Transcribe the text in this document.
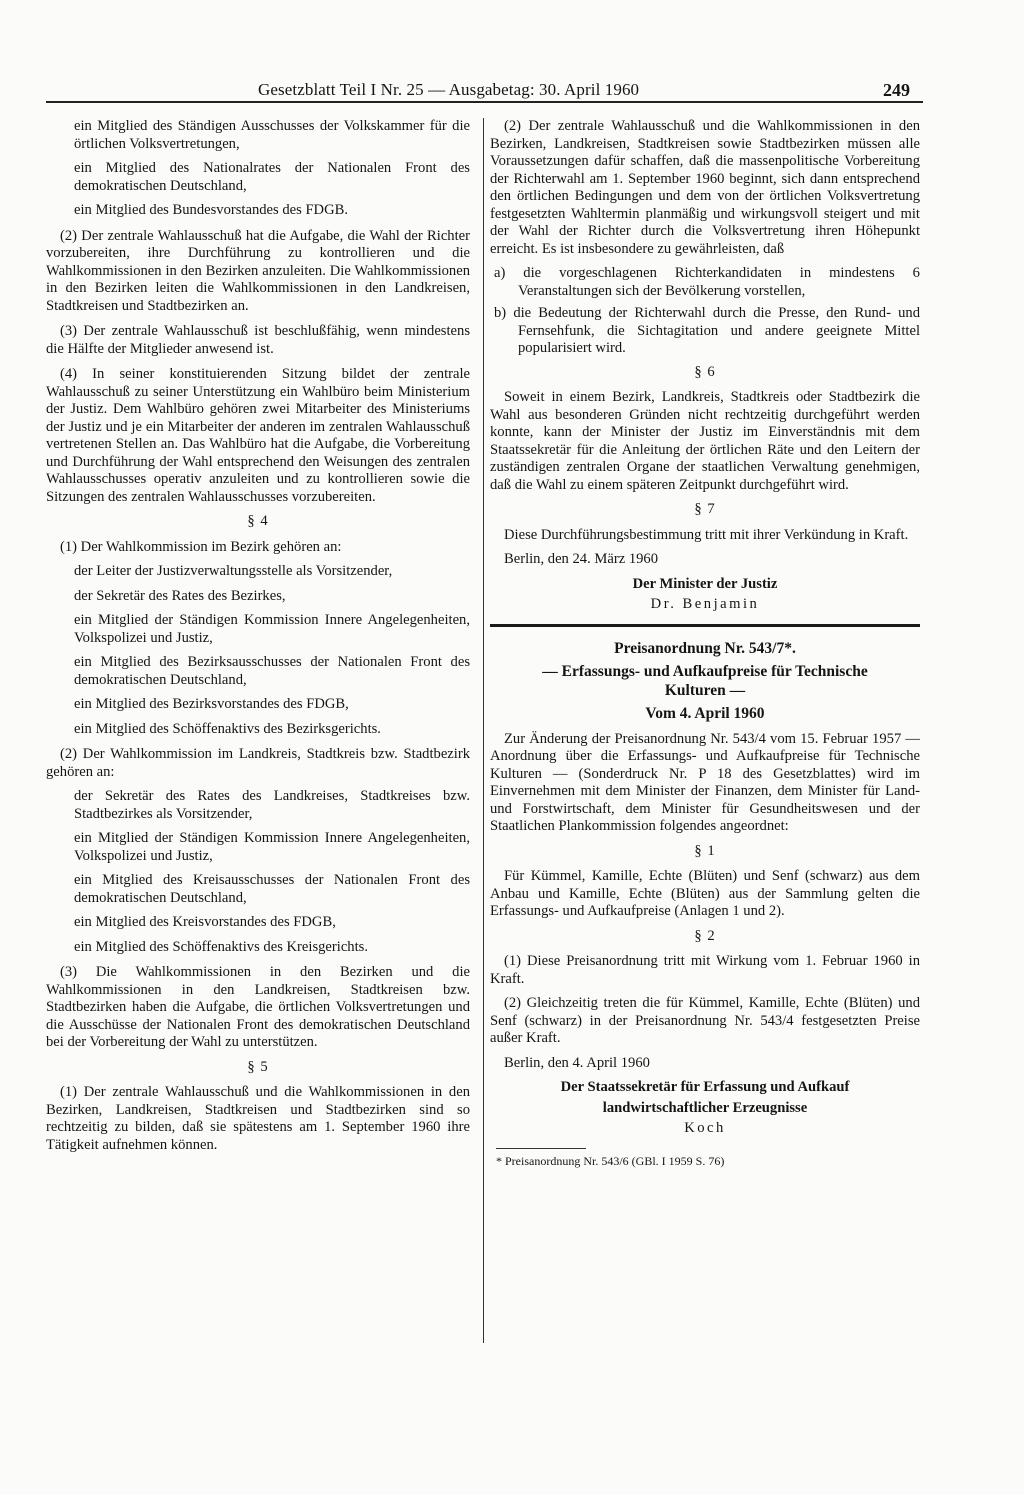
Gesetzblatt Teil I Nr. 25 — Ausgabetag: 30. April 1960	249

ein Mitglied des Ständigen Ausschusses der Volkskammer für die örtlichen Volksvertretungen,

ein Mitglied des Nationalrates der Nationalen Front des demokratischen Deutschland,

ein Mitglied des Bundesvorstandes des FDGB.

(2) Der zentrale Wahlausschuß hat die Aufgabe, die Wahl der Richter vorzubereiten, ihre Durchführung zu kontrollieren und die Wahlkommissionen in den Bezirken anzuleiten. Die Wahlkommissionen in den Bezirken leiten die Wahlkommissionen in den Landkreisen, Stadtkreisen und Stadtbezirken an.

(3) Der zentrale Wahlausschuß ist beschlußfähig, wenn mindestens die Hälfte der Mitglieder anwesend ist.

(4) In seiner konstituierenden Sitzung bildet der zentrale Wahlausschuß zu seiner Unterstützung ein Wahlbüro beim Ministerium der Justiz. Dem Wahlbüro gehören zwei Mitarbeiter des Ministeriums der Justiz und je ein Mitarbeiter der anderen im zentralen Wahlausschuß vertretenen Stellen an. Das Wahlbüro hat die Aufgabe, die Vorbereitung und Durchführung der Wahl entsprechend den Weisungen des zentralen Wahlausschusses operativ anzuleiten und zu kontrollieren sowie die Sitzungen des zentralen Wahlausschusses vorzubereiten.

§ 4

(1) Der Wahlkommission im Bezirk gehören an:

der Leiter der Justizverwaltungsstelle als Vorsitzender,

der Sekretär des Rates des Bezirkes,

ein Mitglied der Ständigen Kommission Innere Angelegenheiten, Volkspolizei und Justiz,

ein Mitglied des Bezirksausschusses der Nationalen Front des demokratischen Deutschland,

ein Mitglied des Bezirksvorstandes des FDGB,

ein Mitglied des Schöffenaktivs des Bezirksgerichts.

(2) Der Wahlkommission im Landkreis, Stadtkreis bzw. Stadtbezirk gehören an:

der Sekretär des Rates des Landkreises, Stadtkreises bzw. Stadtbezirkes als Vorsitzender,

ein Mitglied der Ständigen Kommission Innere Angelegenheiten, Volkspolizei und Justiz,

ein Mitglied des Kreisausschusses der Nationalen Front des demokratischen Deutschland,

ein Mitglied des Kreisvorstandes des FDGB,

ein Mitglied des Schöffenaktivs des Kreisgerichts.

(3) Die Wahlkommissionen in den Bezirken und die Wahlkommissionen in den Landkreisen, Stadtkreisen bzw. Stadtbezirken haben die Aufgabe, die örtlichen Volksvertretungen und die Ausschüsse der Nationalen Front des demokratischen Deutschland bei der Vorbereitung der Wahl zu unterstützen.

§ 5

(1) Der zentrale Wahlausschuß und die Wahlkommissionen in den Bezirken, Landkreisen, Stadtkreisen und Stadtbezirken sind so rechtzeitig zu bilden, daß sie spätestens am 1. September 1960 ihre Tätigkeit aufnehmen können.

(2) Der zentrale Wahlausschuß und die Wahlkommissionen in den Bezirken, Landkreisen, Stadtkreisen sowie Stadtbezirken müssen alle Voraussetzungen dafür schaffen, daß die massenpolitische Vorbereitung der Richterwahl am 1. September 1960 beginnt, sich dann entsprechend den örtlichen Bedingungen und dem von der örtlichen Volksvertretung festgesetzten Wahltermin planmäßig und wirkungsvoll steigert und mit der Wahl der Richter durch die Volksvertretung ihren Höhepunkt erreicht. Es ist insbesondere zu gewährleisten, daß

a) die vorgeschlagenen Richterkandidaten in mindestens 6 Veranstaltungen sich der Bevölkerung vorstellen,

b) die Bedeutung der Richterwahl durch die Presse, den Rund- und Fernsehfunk, die Sichtagitation und andere geeignete Mittel popularisiert wird.

§ 6

Soweit in einem Bezirk, Landkreis, Stadtkreis oder Stadtbezirk die Wahl aus besonderen Gründen nicht rechtzeitig durchgeführt werden konnte, kann der Minister der Justiz im Einverständnis mit dem Staatssekretär für die Anleitung der örtlichen Räte und den Leitern der zuständigen zentralen Organe der staatlichen Verwaltung genehmigen, daß die Wahl zu einem späteren Zeitpunkt durchgeführt wird.

§ 7

Diese Durchführungsbestimmung tritt mit ihrer Verkündung in Kraft.

Berlin, den 24. März 1960

Der Minister der Justiz
Dr. Benjamin
Preisanordnung Nr. 543/7*.
— Erfassungs- und Aufkaufpreise für Technische Kulturen —
Vom 4. April 1960

Zur Änderung der Preisanordnung Nr. 543/4 vom 15. Februar 1957 — Anordnung über die Erfassungs- und Aufkaufpreise für Technische Kulturen — (Sonderdruck Nr. P 18 des Gesetzblattes) wird im Einvernehmen mit dem Minister der Finanzen, dem Minister für Land- und Forstwirtschaft, dem Minister für Gesundheitswesen und der Staatlichen Plankommission folgendes angeordnet:

§ 1

Für Kümmel, Kamille, Echte (Blüten) und Senf (schwarz) aus dem Anbau und Kamille, Echte (Blüten) aus der Sammlung gelten die Erfassungs- und Aufkaufpreise (Anlagen 1 und 2).

§ 2

(1) Diese Preisanordnung tritt mit Wirkung vom 1. Februar 1960 in Kraft.

(2) Gleichzeitig treten die für Kümmel, Kamille, Echte (Blüten) und Senf (schwarz) in der Preisanordnung Nr. 543/4 festgesetzten Preise außer Kraft.

Berlin, den 4. April 1960

Der Staatssekretär für Erfassung und Aufkauf
landwirtschaftlicher Erzeugnisse
Koch
* Preisanordnung Nr. 543/6 (GBl. I 1959 S. 76)
